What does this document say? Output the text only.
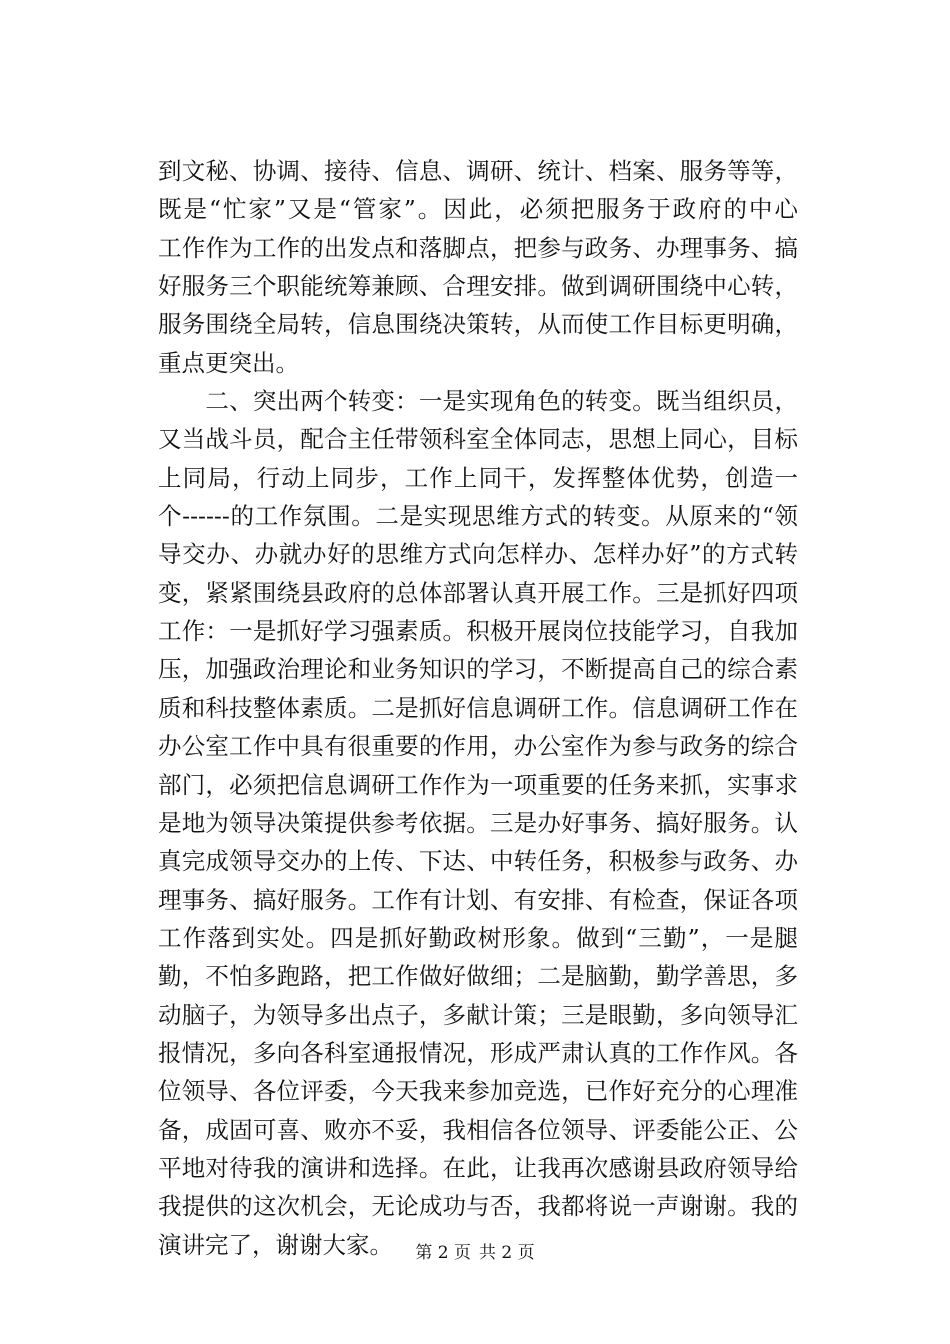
到文秘、协调、接待、信息、调研、统计、档案、服务等等，
既是“忙家”又是“管家”。因此，必须把服务于政府的中心
工作作为工作的出发点和落脚点，把参与政务、办理事务、搞
好服务三个职能统筹兼顾、合理安排。做到调研围绕中心转，
服务围绕全局转，信息围绕决策转，从而使工作目标更明确，
重点更突出。
　　二、突出两个转变：一是实现角色的转变。既当组织员，
又当战斗员，配合主任带领科室全体同志，思想上同心，目标
上同局，行动上同步，工作上同干，发挥整体优势，创造一
个------的工作氛围。二是实现思维方式的转变。从原来的“领
导交办、办就办好的思维方式向怎样办、怎样办好”的方式转
变，紧紧围绕县政府的总体部署认真开展工作。三是抓好四项
工作：一是抓好学习强素质。积极开展岗位技能学习，自我加
压，加强政治理论和业务知识的学习，不断提高自己的综合素
质和科技整体素质。二是抓好信息调研工作。信息调研工作在
办公室工作中具有很重要的作用，办公室作为参与政务的综合
部门，必须把信息调研工作作为一项重要的任务来抓，实事求
是地为领导决策提供参考依据。三是办好事务、搞好服务。认
真完成领导交办的上传、下达、中转任务，积极参与政务、办
理事务、搞好服务。工作有计划、有安排、有检查，保证各项
工作落到实处。四是抓好勤政树形象。做到“三勤”，一是腿
勤，不怕多跑路，把工作做好做细；二是脑勤，勤学善思，多
动脑子，为领导多出点子，多献计策；三是眼勤，多向领导汇
报情况，多向各科室通报情况，形成严肃认真的工作作风。各
位领导、各位评委，今天我来参加竞选，已作好充分的心理准
备，成固可喜、败亦不妥，我相信各位领导、评委能公正、公
平地对待我的演讲和选择。在此，让我再次感谢县政府领导给
我提供的这次机会，无论成功与否，我都将说一声谢谢。我的
演讲完了，谢谢大家。	第 2 页 共 2 页
